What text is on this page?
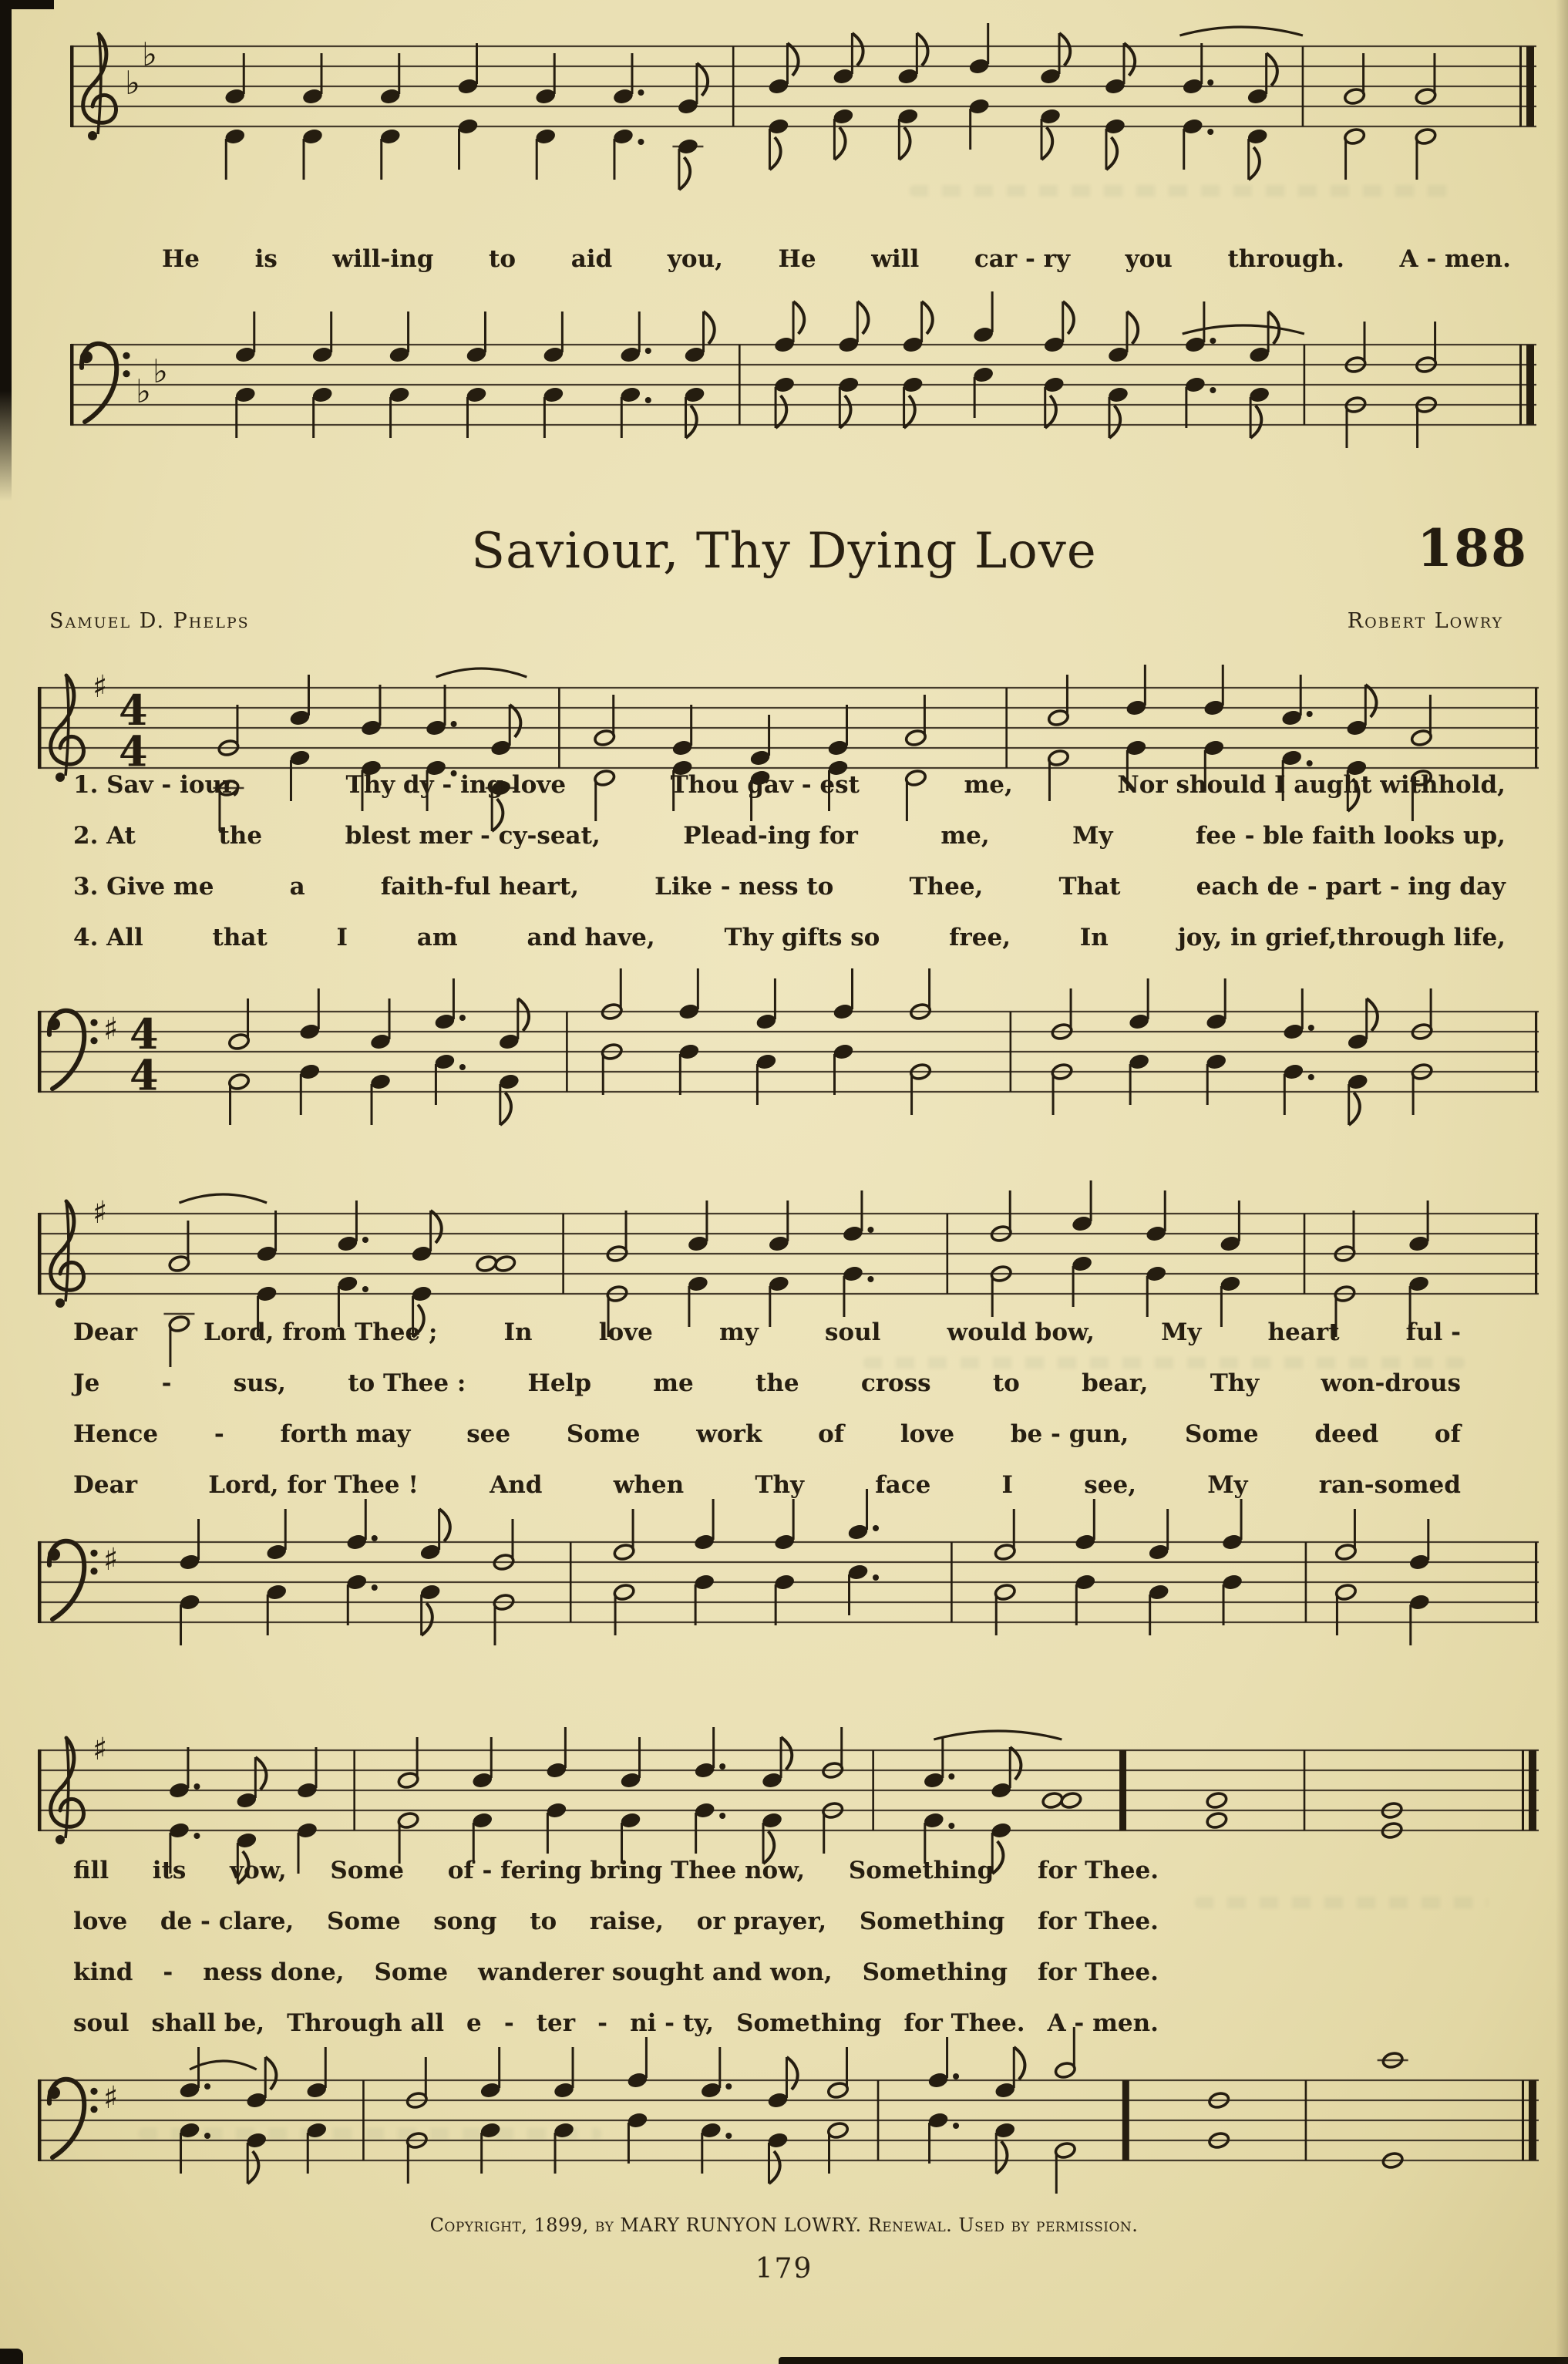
♭
♭
He is will-ing to aid you, He will car - ry you through. A - men.
♭
♭
Saviour, Thy Dying Love	188
Samuel D. Phelps	Robert Lowry
♯ 4
4
1. Sav - iour,	Thy dy - ing love	Thou gav - est	me,	Nor should I aught withhold,
2. At	the	blest mer - cy-seat,	Plead-ing for	me,	My	fee - ble faith looks up,
3. Give me	a	faith-ful heart,	Like - ness to	Thee,	That	each de - part - ing day
4. All	that	I	am	and have,	Thy gifts so	free,	In	joy, in grief,through life,
♯ 4
4
♯
Dear	Lord, from Thee ;	In	love	my	soul	would bow,	My	heart	ful -
Je	-	sus,	to Thee :	Help	me	the	cross	to	bear,	Thy	won-drous
Hence - forth may see Some work of love be - gun, Some deed of
Dear	Lord, for Thee !	And	when	Thy	face	I	see,	My	ran-somed
♯
♯
fill its vow, Some of - fering bring Thee now, Something for Thee.
love de - clare, Some song to raise, or prayer, Something for Thee.
kind - ness done, Some wanderer sought and won, Something for Thee.
soul shall be, Through all e - ter - ni - ty, Something for Thee. A - men.
♯
Copyright, 1899, by MARY RUNYON LOWRY. Renewal. Used by permission.
179
